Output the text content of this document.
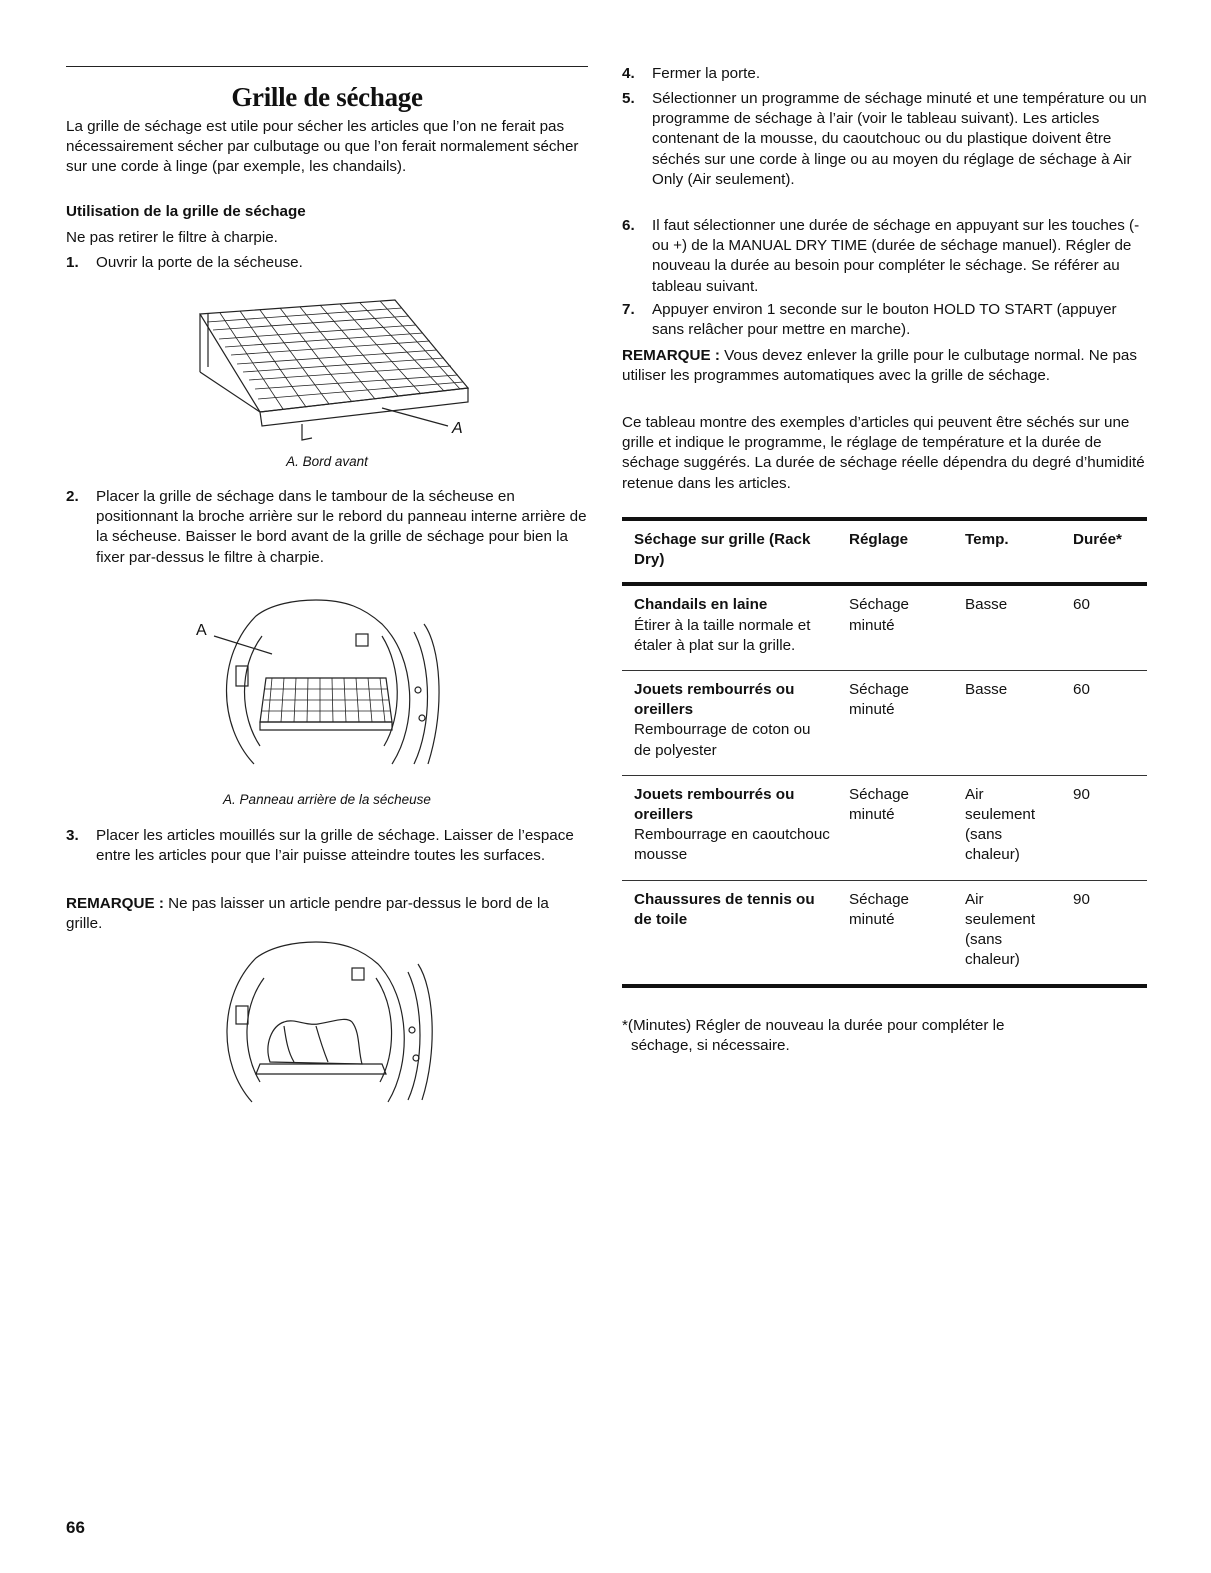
Grille de séchage

La grille de séchage est utile pour sécher les articles que l’on ne ferait pas nécessairement sécher par culbutage ou que l’on ferait normalement sécher sur une corde à linge (par exemple, les chandails).

Utilisation de la grille de séchage

Ne pas retirer le filtre à charpie.

1. Ouvrir la porte de la sécheuse.
A
A. Bord avant
2. Placer la grille de séchage dans le tambour de la sécheuse en positionnant la broche arrière sur le rebord du panneau interne arrière de la sécheuse. Baisser le bord avant de la grille de séchage pour bien la fixer par-dessus le filtre à charpie.
A
A. Panneau arrière de la sécheuse
3. Placer les articles mouillés sur la grille de séchage. Laisser de l’espace entre les articles pour que l’air puisse atteindre toutes les surfaces.

REMARQUE : Ne pas laisser un article pendre par-dessus le bord de la grille.

4. Fermer la porte.
5. Sélectionner un programme de séchage minuté et une température ou un programme de séchage à l’air (voir le tableau suivant). Les articles contenant de la mousse, du caoutchouc ou du plastique doivent être séchés sur une corde à linge ou au moyen du réglage de séchage à Air Only (Air seulement).
6. Il faut sélectionner une durée de séchage en appuyant sur les touches (- ou +) de la MANUAL DRY TIME (durée de séchage manuel). Régler de nouveau la durée au besoin pour compléter le séchage. Se référer au tableau suivant.
7. Appuyer environ 1 seconde sur le bouton HOLD TO START (appuyer sans relâcher pour mettre en marche).

REMARQUE : Vous devez enlever la grille pour le culbutage normal. Ne pas utiliser les programmes automatiques avec la grille de séchage.

Ce tableau montre des exemples d’articles qui peuvent être séchés sur une grille et indique le programme, le réglage de température et la durée de séchage suggérés. La durée de séchage réelle dépendra du degré d’humidité retenue dans les articles.

Séchage sur grille (Rack Dry)	Réglage	Temp.	Durée*

Chandails en laine
Étirer à la taille normale et étaler à plat sur la grille.	Séchage minuté	Basse	60

Jouets rembourrés ou oreillers
Rembourrage de coton ou de polyester	Séchage minuté	Basse	60

Jouets rembourrés ou oreillers
Rembourrage en caoutchouc mousse	Séchage minuté	Air seulement (sans chaleur)	90

Chaussures de tennis ou de toile	Séchage minuté	Air seulement (sans chaleur)	90
*(Minutes) Régler de nouveau la durée pour compléter le
séchage, si nécessaire.
66
